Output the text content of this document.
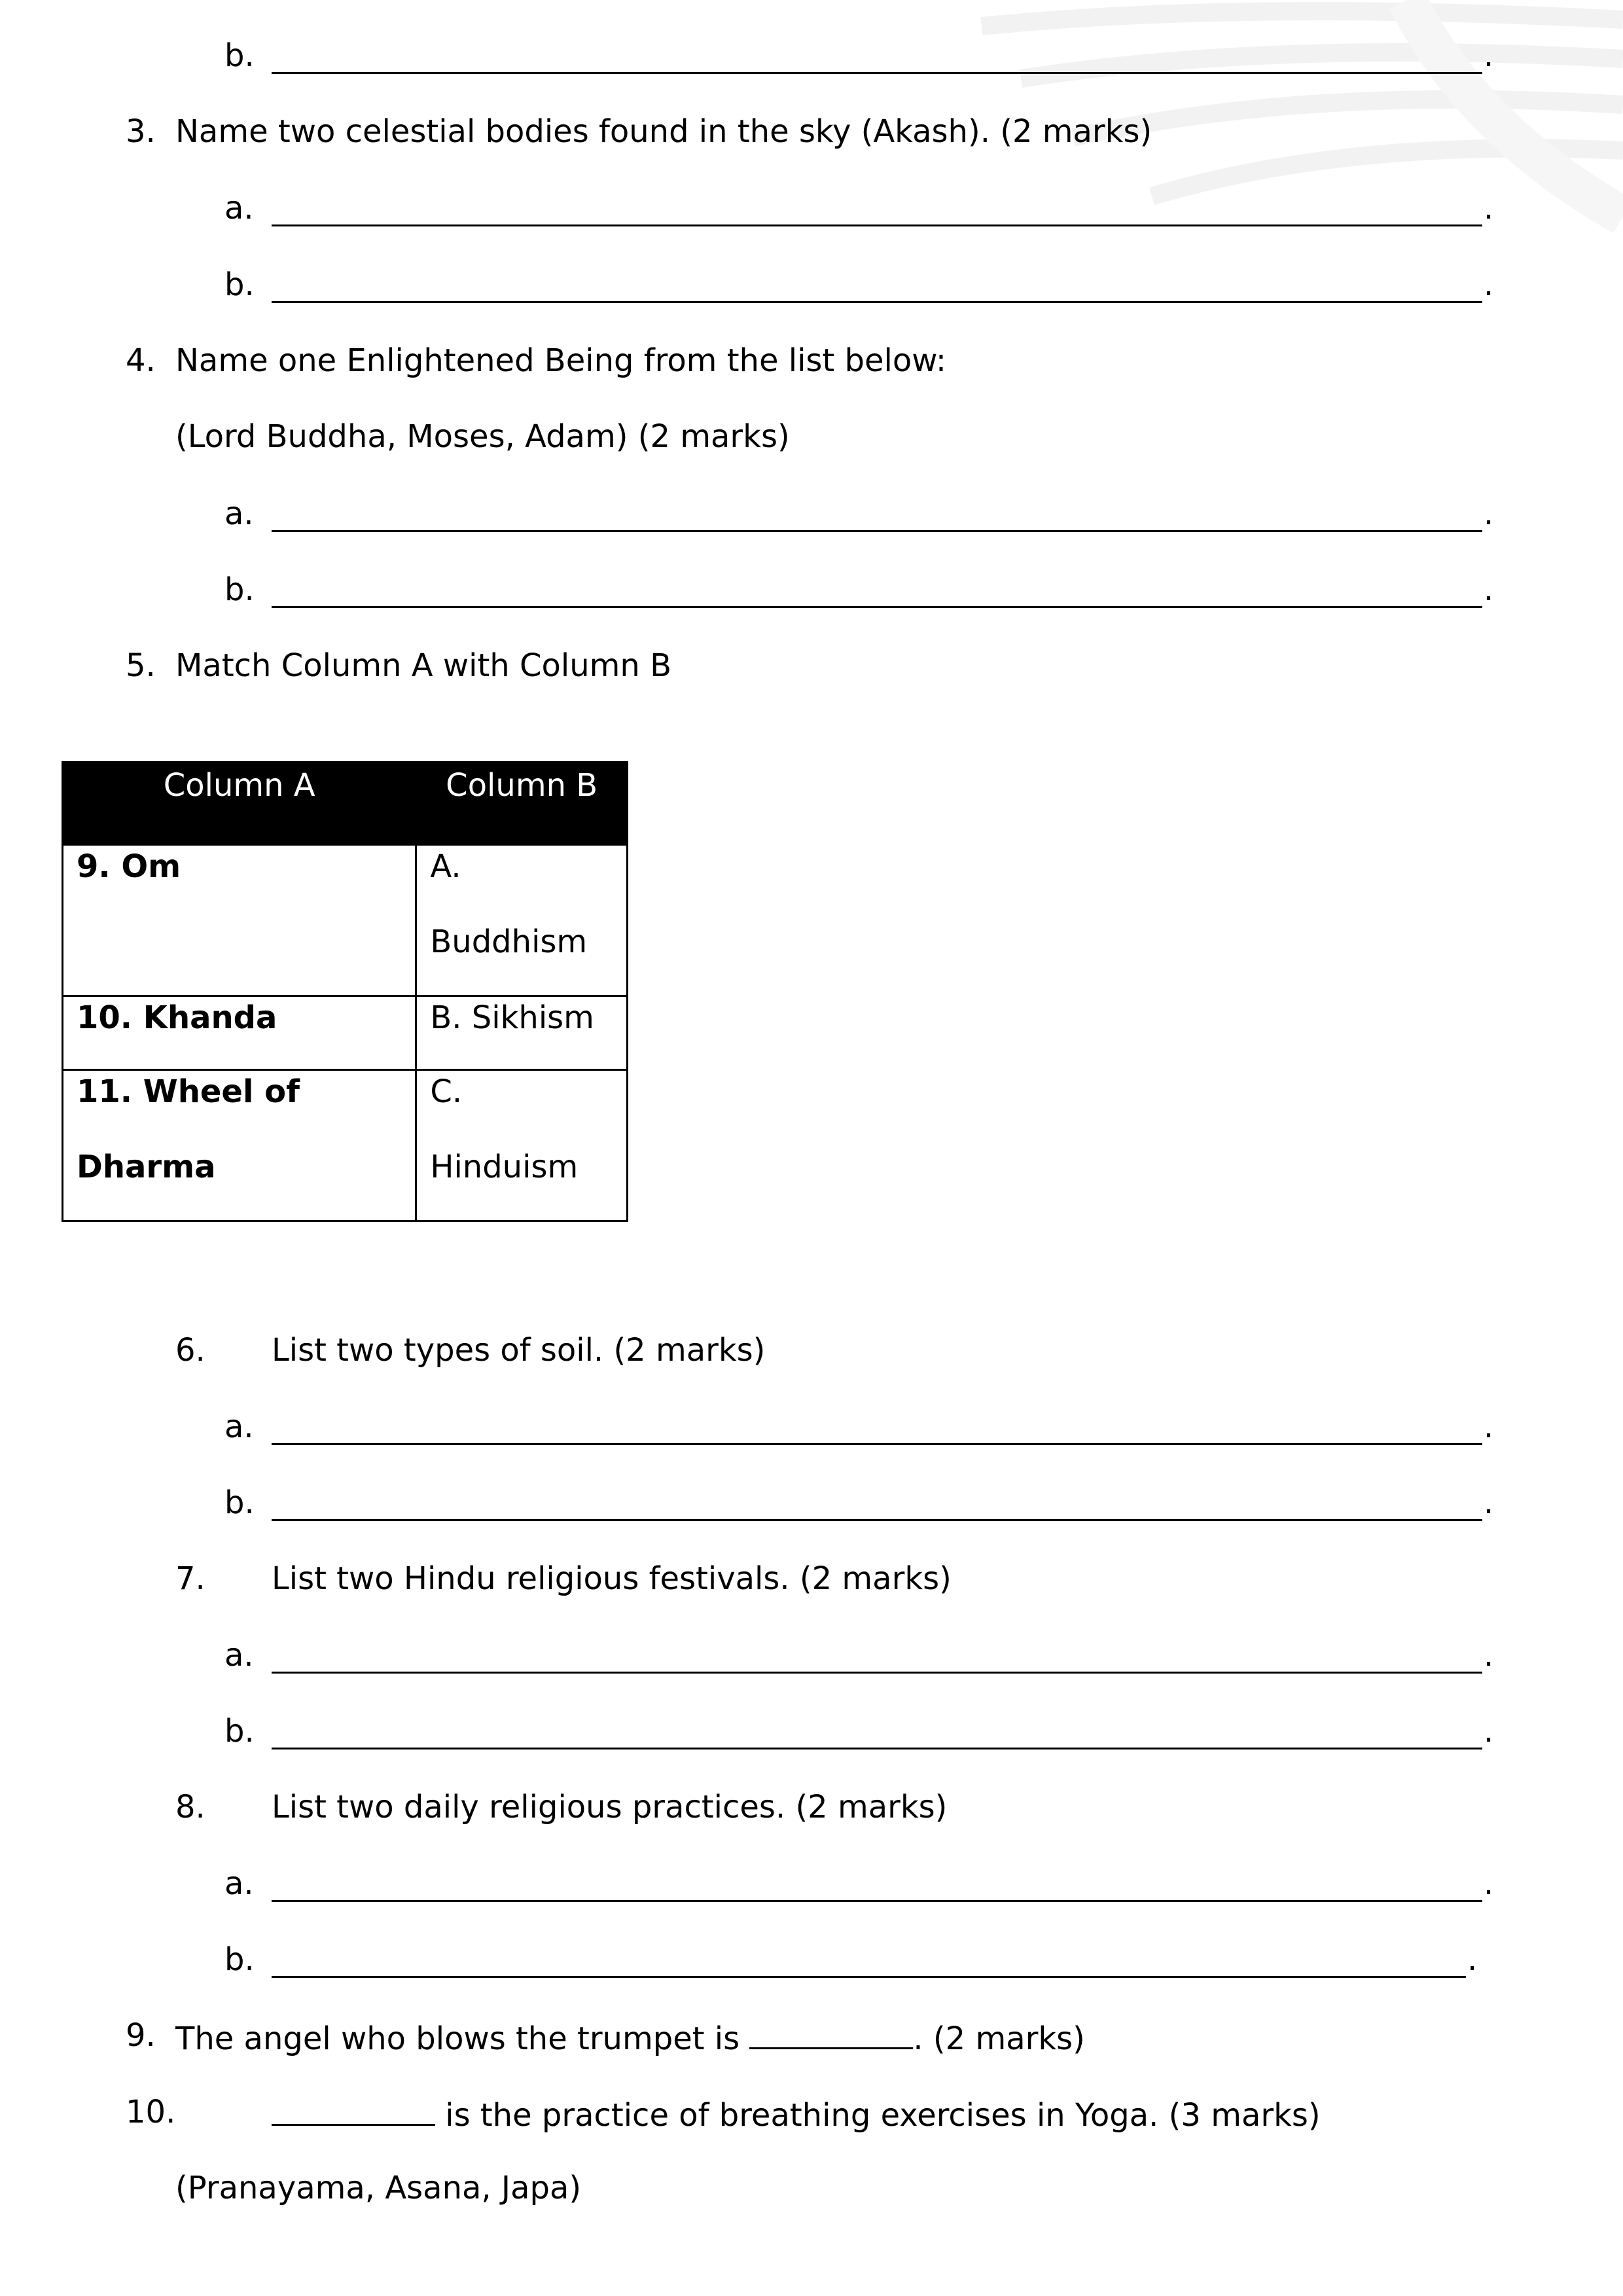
b.	.
3. Name two celestial bodies found in the sky (Akash). (2 marks)
a.	.
b.	.
4. Name one Enlightened Being from the list below:
(Lord Buddha, Moses, Adam) (2 marks)
a.	.
b.	.
5. Match Column A with Column B
Column A	Column B

9. Om	A.
Buddhism

10. Khanda	B. Sikhism

11. Wheel of
Dharma	C.
Hinduism
6. List two types of soil. (2 marks)
a.	.
b.	.
7. List two Hindu religious festivals. (2 marks)
a.	.
b.	.
8. List two daily religious practices. (2 marks)
a.	.
b.	.
9. The angel who blows the trumpet is	. (2 marks)
10.	is the practice of breathing exercises in Yoga. (3 marks)
(Pranayama, Asana, Japa)
